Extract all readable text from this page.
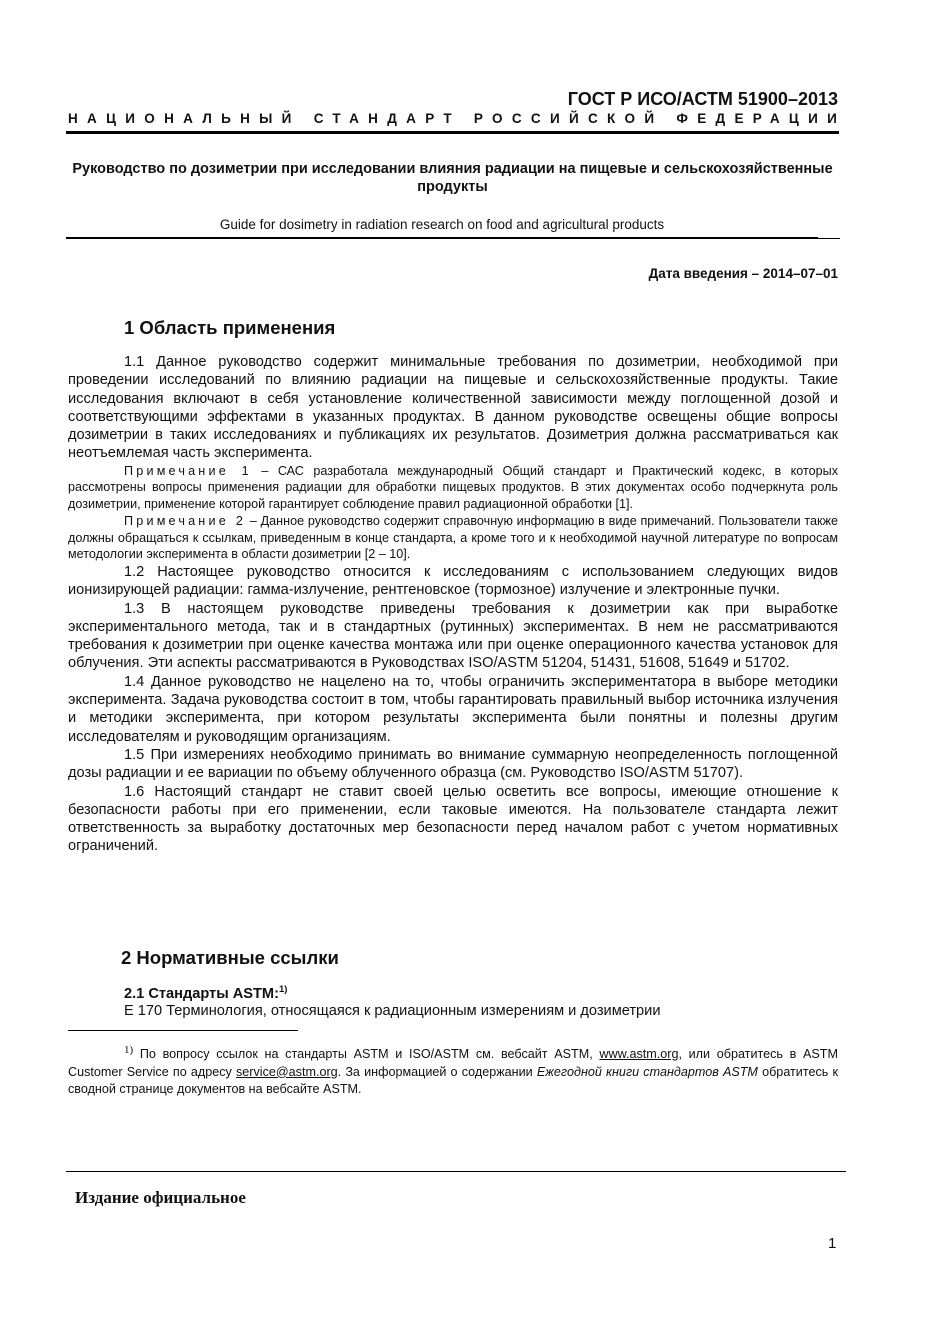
ГОСТ Р ИСО/АСТМ 51900–2013
НАЦИОНАЛЬНЫЙ СТАНДАРТ РОССИЙСКОЙ ФЕДЕРАЦИИ
Руководство по дозиметрии при исследовании влияния радиации на пищевые и сельскохозяйственные продукты
Guide for dosimetry in radiation research on food and agricultural products
Дата введения – 2014–07–01
1 Область применения

1.1 Данное руководство содержит минимальные требования по дозиметрии, необходимой при проведении исследований по влиянию радиации на пищевые и сельскохозяйственные продукты. Такие исследования включают в себя установление количественной зависимости между поглощенной дозой и соответствующими эффектами в указанных продуктах. В данном руководстве освещены общие вопросы дозиметрии в таких исследованиях и публикациях их результатов. Дозиметрия должна рассматриваться как неотъемлемая часть эксперимента.

Примечание 1 – САС разработала международный Общий стандарт и Практический кодекс, в которых рассмотрены вопросы применения радиации для обработки пищевых продуктов. В этих документах особо подчеркнута роль дозиметрии, применение которой гарантирует соблюдение правил радиационной обработки [1].

Примечание 2 – Данное руководство содержит справочную информацию в виде примечаний. Пользователи также должны обращаться к ссылкам, приведенным в конце стандарта, а кроме того и к необходимой научной литературе по вопросам методологии эксперимента в области дозиметрии [2 – 10].

1.2 Настоящее руководство относится к исследованиям с использованием следующих видов ионизирующей радиации: гамма-излучение, рентгеновское (тормозное) излучение и электронные пучки.

1.3 В настоящем руководстве приведены требования к дозиметрии как при выработке экспериментального метода, так и в стандартных (рутинных) экспериментах. В нем не рассматриваются требования к дозиметрии при оценке качества монтажа или при оценке операционного качества установок для облучения. Эти аспекты рассматриваются в Руководствах ISO/ASTM 51204, 51431, 51608, 51649 и 51702.

1.4 Данное руководство не нацелено на то, чтобы ограничить экспериментатора в выборе методики эксперимента. Задача руководства состоит в том, чтобы гарантировать правильный выбор источника излучения и методики эксперимента, при котором результаты эксперимента были понятны и полезны другим исследователям и руководящим организациям.

1.5 При измерениях необходимо принимать во внимание суммарную неопределенность поглощенной дозы радиации и ее вариации по объему облученного образца (см. Руководство ISO/ASTM 51707).

1.6 Настоящий стандарт не ставит своей целью осветить все вопросы, имеющие отношение к безопасности работы при его применении, если таковые имеются. На пользователе стандарта лежит ответственность за выработку достаточных мер безопасности перед началом работ с учетом нормативных ограничений.

2 Нормативные ссылки
2.1 Стандарты ASTM:$^{1)}$
Е 170 Терминология, относящаяся к радиационным измерениям и дозиметрии
$^{1)}$ По вопросу ссылок на стандарты ASTM и ISO/ASTM см. вебсайт ASTM, www.astm.org, или обратитесь в ASTM Customer Service по адресу service@astm.org. За информацией о содержании Ежегодной книги стандартов ASTM обратитесь к сводной странице документов на вебсайте ASTM.
Издание официальное
1
